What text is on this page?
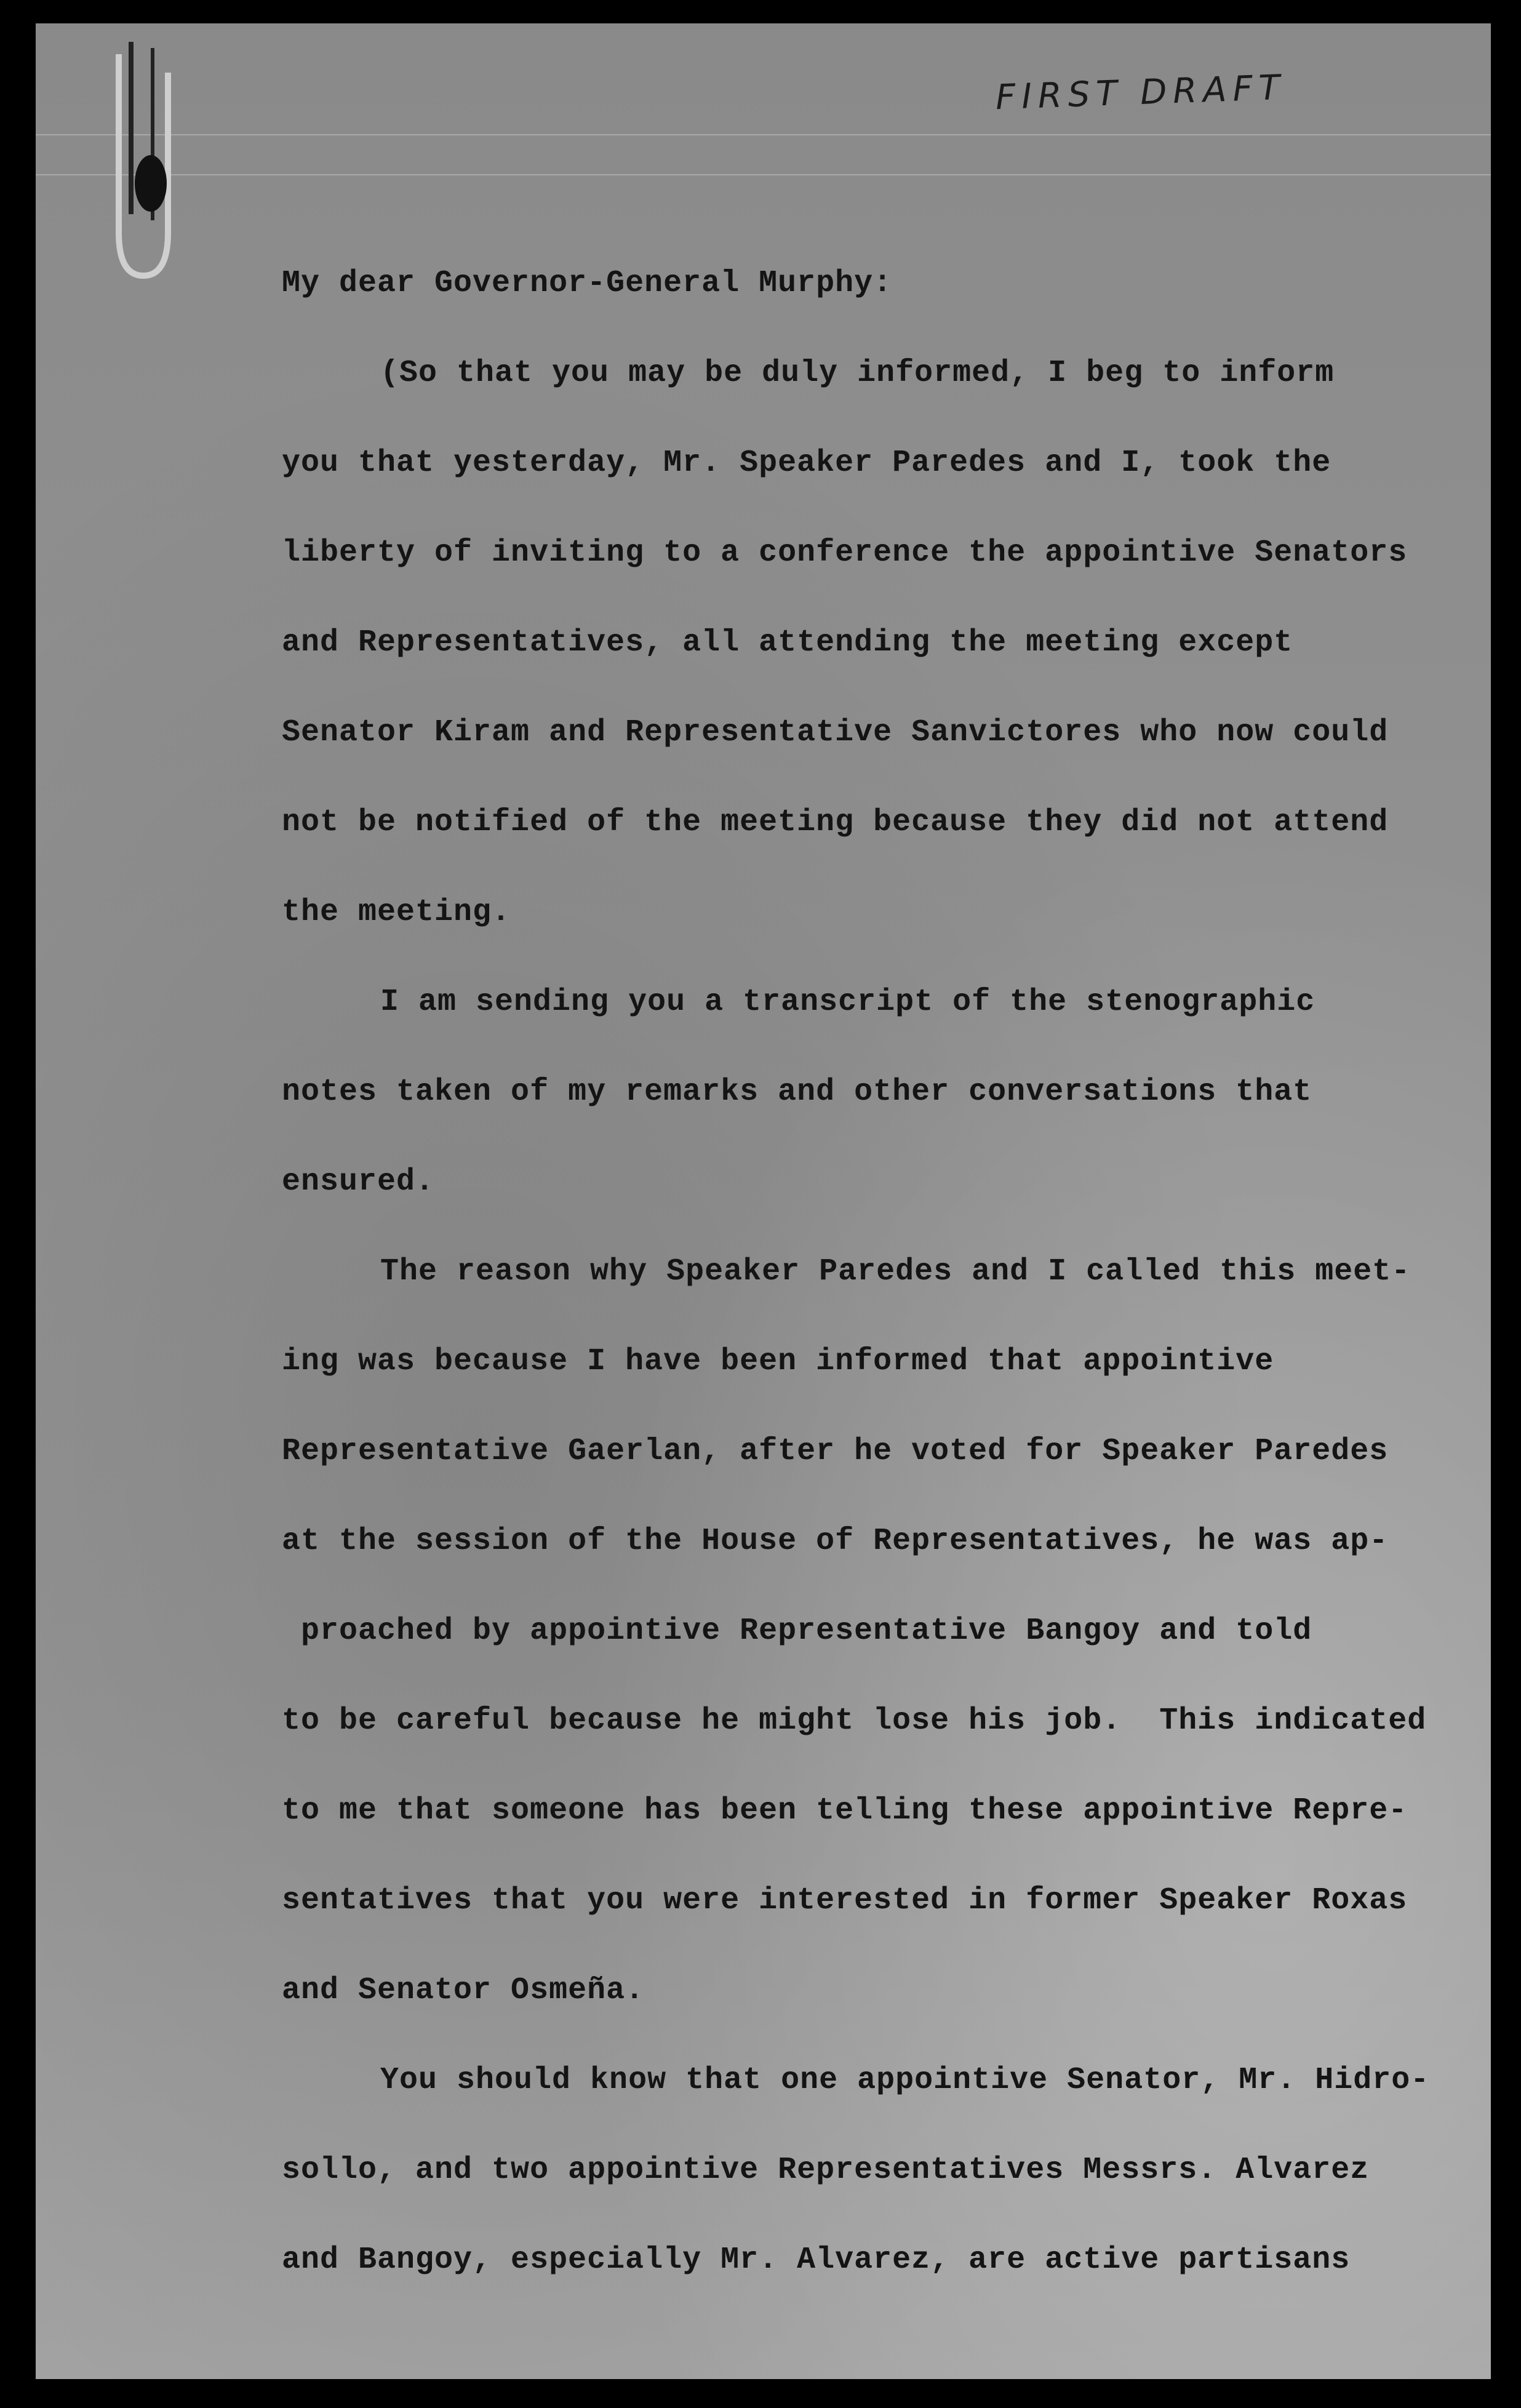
FIRST DRAFT
My dear Governor-General Murphy:
(So that you may be duly informed, I beg to inform
you that yesterday, Mr. Speaker Paredes and I, took the
liberty of inviting to a conference the appointive Senators
and Representatives, all attending the meeting except
Senator Kiram and Representative Sanvictores who now could
not be notified of the meeting because they did not attend
the meeting.
I am sending you a transcript of the stenographic
notes taken of my remarks and other conversations that
ensured.
The reason why Speaker Paredes and I called this meet-
ing was because I have been informed that appointive
Representative Gaerlan, after he voted for Speaker Paredes
at the session of the House of Representatives, he was ap-
proached by appointive Representative Bangoy and told
to be careful because he might lose his job.  This indicated
to me that someone has been telling these appointive Repre-
sentatives that you were interested in former Speaker Roxas
and Senator Osmeña.
You should know that one appointive Senator, Mr. Hidro-
sollo, and two appointive Representatives Messrs. Alvarez
and Bangoy, especially Mr. Alvarez, are active partisans
